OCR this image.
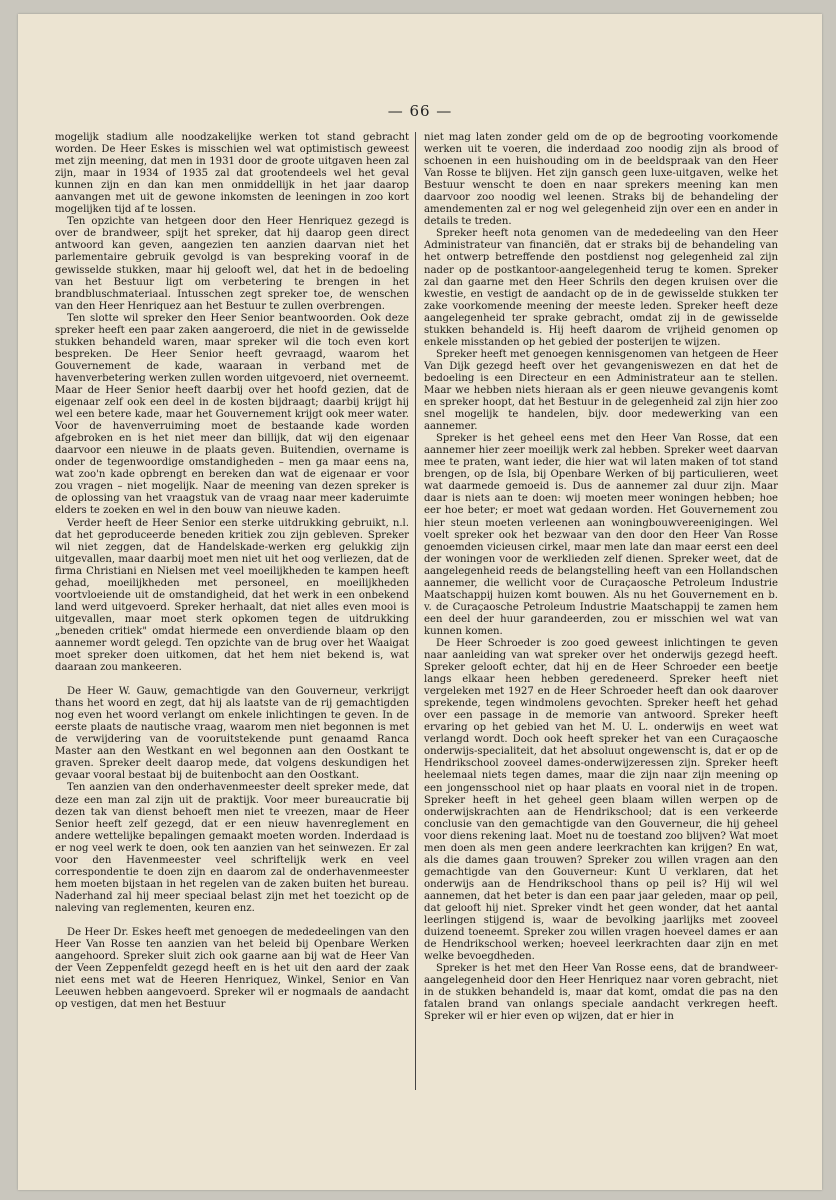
— 66 —

mogelijk stadium alle noodzakelijke werken tot stand gebracht worden. De Heer Eskes is misschien wel wat optimistisch geweest met zijn meening, dat men in 1931 door de groote uitgaven heen zal zijn, maar in 1934 of 1935 zal dat grootendeels wel het geval kunnen zijn en dan kan men onmiddellijk in het jaar daarop aanvangen met uit de gewone inkomsten de leeningen in zoo kort mogelijken tijd af te lossen.

Ten opzichte van hetgeen door den Heer Henriquez gezegd is over de brandweer, spijt het spreker, dat hij daarop geen direct antwoord kan geven, aangezien ten aanzien daarvan niet het parlementaire gebruik gevolgd is van bespreking vooraf in de gewisselde stukken, maar hij gelooft wel, dat het in de bedoeling van het Bestuur ligt om verbetering te brengen in het brandbluschmateriaal. Intusschen zegt spreker toe, de wenschen van den Heer Henriquez aan het Bestuur te zullen overbrengen.

Ten slotte wil spreker den Heer Senior beantwoorden. Ook deze spreker heeft een paar zaken aangeroerd, die niet in de gewisselde stukken behandeld waren, maar spreker wil die toch even kort bespreken. De Heer Senior heeft gevraagd, waarom het Gouvernement de kade, waaraan in verband met de havenverbetering werken zullen worden uitgevoerd, niet overneemt. Maar de Heer Senior heeft daarbij over het hoofd gezien, dat de eigenaar zelf ook een deel in de kosten bijdraagt; daarbij krijgt hij wel een betere kade, maar het Gouvernement krijgt ook meer water. Voor de havenverruiming moet de bestaande kade worden afgebroken en is het niet meer dan billijk, dat wij den eigenaar daarvoor een nieuwe in de plaats geven. Buitendien, overname is onder de tegenwoordige omstandigheden – men ga maar eens na, wat zoo'n kade opbrengt en bereken dan wat de eigenaar er voor zou vragen – niet mogelijk. Naar de meening van dezen spreker is de oplossing van het vraagstuk van de vraag naar meer kaderuimte elders te zoeken en wel in den bouw van nieuwe kaden.

Verder heeft de Heer Senior een sterke uitdrukking gebruikt, n.l. dat het geproduceerde beneden kritiek zou zijn gebleven. Spreker wil niet zeggen, dat de Handelskade-werken erg gelukkig zijn uitgevallen, maar daarbij moet men niet uit het oog verliezen, dat de firma Christiani en Nielsen met veel moeilijkheden te kampen heeft gehad, moeilijkheden met personeel, en moeilijkheden voortvloeiende uit de omstandigheid, dat het werk in een onbekend land werd uitgevoerd. Spreker herhaalt, dat niet alles even mooi is uitgevallen, maar moet sterk opkomen tegen de uitdrukking „beneden critiek" omdat hiermede een onverdiende blaam op den aannemer wordt gelegd. Ten opzichte van de brug over het Waaigat moet spreker doen uitkomen, dat het hem niet bekend is, wat daaraan zou mankeeren.

De Heer W. Gauw, gemachtigde van den Gouverneur, verkrijgt thans het woord en zegt, dat hij als laatste van de rij gemachtigden nog even het woord verlangt om enkele inlichtingen te geven. In de eerste plaats de nautische vraag, waarom men niet begonnen is met de verwijdering van de vooruitstekende punt genaamd Ranca Master aan den Westkant en wel begonnen aan den Oostkant te graven. Spreker deelt daarop mede, dat volgens deskundigen het gevaar vooral bestaat bij de buitenbocht aan den Oostkant.

Ten aanzien van den onderhavenmeester deelt spreker mede, dat deze een man zal zijn uit de praktijk. Voor meer bureaucratie bij dezen tak van dienst behoeft men niet te vreezen, maar de Heer Senior heeft zelf gezegd, dat er een nieuw havenreglement en andere wettelijke bepalingen gemaakt moeten worden. Inderdaad is er nog veel werk te doen, ook ten aanzien van het seinwezen. Er zal voor den Havenmeester veel schriftelijk werk en veel correspondentie te doen zijn en daarom zal de onderhavenmeester hem moeten bijstaan in het regelen van de zaken buiten het bureau. Naderhand zal hij meer speciaal belast zijn met het toezicht op de naleving van reglementen, keuren enz.

De Heer Dr. Eskes heeft met genoegen de mededeelingen van den Heer Van Rosse ten aanzien van het beleid bij Openbare Werken aangehoord. Spreker sluit zich ook gaarne aan bij wat de Heer Van der Veen Zeppenfeldt gezegd heeft en is het uit den aard der zaak niet eens met wat de Heeren Henriquez, Winkel, Senior en Van Leeuwen hebben aangevoerd. Spreker wil er nogmaals de aandacht op vestigen, dat men het Bestuur

niet mag laten zonder geld om de op de begrooting voorkomende werken uit te voeren, die inderdaad zoo noodig zijn als brood of schoenen in een huishouding om in de beeldspraak van den Heer Van Rosse te blijven. Het zijn gansch geen luxe-uitgaven, welke het Bestuur wenscht te doen en naar sprekers meening kan men daarvoor zoo noodig wel leenen. Straks bij de behandeling der amendementen zal er nog wel gelegenheid zijn over een en ander in details te treden.

Spreker heeft nota genomen van de mededeeling van den Heer Administrateur van financiën, dat er straks bij de behandeling van het ontwerp betreffende den postdienst nog gelegenheid zal zijn nader op de postkantoor-aangelegenheid terug te komen. Spreker zal dan gaarne met den Heer Schrils den degen kruisen over die kwestie, en vestigt de aandacht op de in de gewisselde stukken ter zake voorkomende meening der meeste leden. Spreker heeft deze aangelegenheid ter sprake gebracht, omdat zij in de gewisselde stukken behandeld is. Hij heeft daarom de vrijheid genomen op enkele misstanden op het gebied der posterijen te wijzen.

Spreker heeft met genoegen kennisgenomen van hetgeen de Heer Van Dijk gezegd heeft over het gevangeniswezen en dat het de bedoeling is een Directeur en een Administrateur aan te stellen. Maar we hebben niets hieraan als er geen nieuwe gevangenis komt en spreker hoopt, dat het Bestuur in de gelegenheid zal zijn hier zoo snel mogelijk te handelen, bijv. door medewerking van een aannemer.

Spreker is het geheel eens met den Heer Van Rosse, dat een aannemer hier zeer moeilijk werk zal hebben. Spreker weet daarvan mee te praten, want ieder, die hier wat wil laten maken of tot stand brengen, op de Isla, bij Openbare Werken of bij particulieren, weet wat daarmede gemoeid is. Dus de aannemer zal duur zijn. Maar daar is niets aan te doen: wij moeten meer woningen hebben; hoe eer hoe beter; er moet wat gedaan worden. Het Gouvernement zou hier steun moeten verleenen aan woningbouwvereenigingen. Wel voelt spreker ook het bezwaar van den door den Heer Van Rosse genoemden vicieusen cirkel, maar men late dan maar eerst een deel der woningen voor de werklieden zelf dienen. Spreker weet, dat de aangelegenheid reeds de belangstelling heeft van een Hollandschen aannemer, die wellicht voor de Curaçaosche Petroleum Industrie Maatschappij huizen komt bouwen. Als nu het Gouvernement en b. v. de Curaçaosche Petroleum Industrie Maatschappij te zamen hem een deel der huur garandeerden, zou er misschien wel wat van kunnen komen.

De Heer Schroeder is zoo goed geweest inlichtingen te geven naar aanleiding van wat spreker over het onderwijs gezegd heeft. Spreker gelooft echter, dat hij en de Heer Schroeder een beetje langs elkaar heen hebben geredeneerd. Spreker heeft niet vergeleken met 1927 en de Heer Schroeder heeft dan ook daarover sprekende, tegen windmolens gevochten. Spreker heeft het gehad over een passage in de memorie van antwoord. Spreker heeft ervaring op het gebied van het M. U. L. onderwijs en weet wat verlangd wordt. Doch ook heeft spreker het van een Curaçaosche onderwijs-specialiteit, dat het absoluut ongewenscht is, dat er op de Hendrikschool zooveel dames-onderwijzeressen zijn. Spreker heeft heelemaal niets tegen dames, maar die zijn naar zijn meening op een jongensschool niet op haar plaats en vooral niet in de tropen. Spreker heeft in het geheel geen blaam willen werpen op de onderwijskrachten aan de Hendrikschool; dat is een verkeerde conclusie van den gemachtigde van den Gouverneur, die hij geheel voor diens rekening laat. Moet nu de toestand zoo blijven? Wat moet men doen als men geen andere leerkrachten kan krijgen? En wat, als die dames gaan trouwen? Spreker zou willen vragen aan den gemachtigde van den Gouverneur: Kunt U verklaren, dat het onderwijs aan de Hendrikschool thans op peil is? Hij wil wel aannemen, dat het beter is dan een paar jaar geleden, maar op peil, dat gelooft hij niet. Spreker vindt het geen wonder, dat het aantal leerlingen stijgend is, waar de bevolking jaarlijks met zooveel duizend toeneemt. Spreker zou willen vragen hoeveel dames er aan de Hendrikschool werken; hoeveel leerkrachten daar zijn en met welke bevoegdheden.

Spreker is het met den Heer Van Rosse eens, dat de brandweer-aangelegenheid door den Heer Henriquez naar voren gebracht, niet in de stukken behandeld is, maar dat komt, omdat die pas na den fatalen brand van onlangs speciale aandacht verkregen heeft. Spreker wil er hier even op wijzen, dat er hier in
